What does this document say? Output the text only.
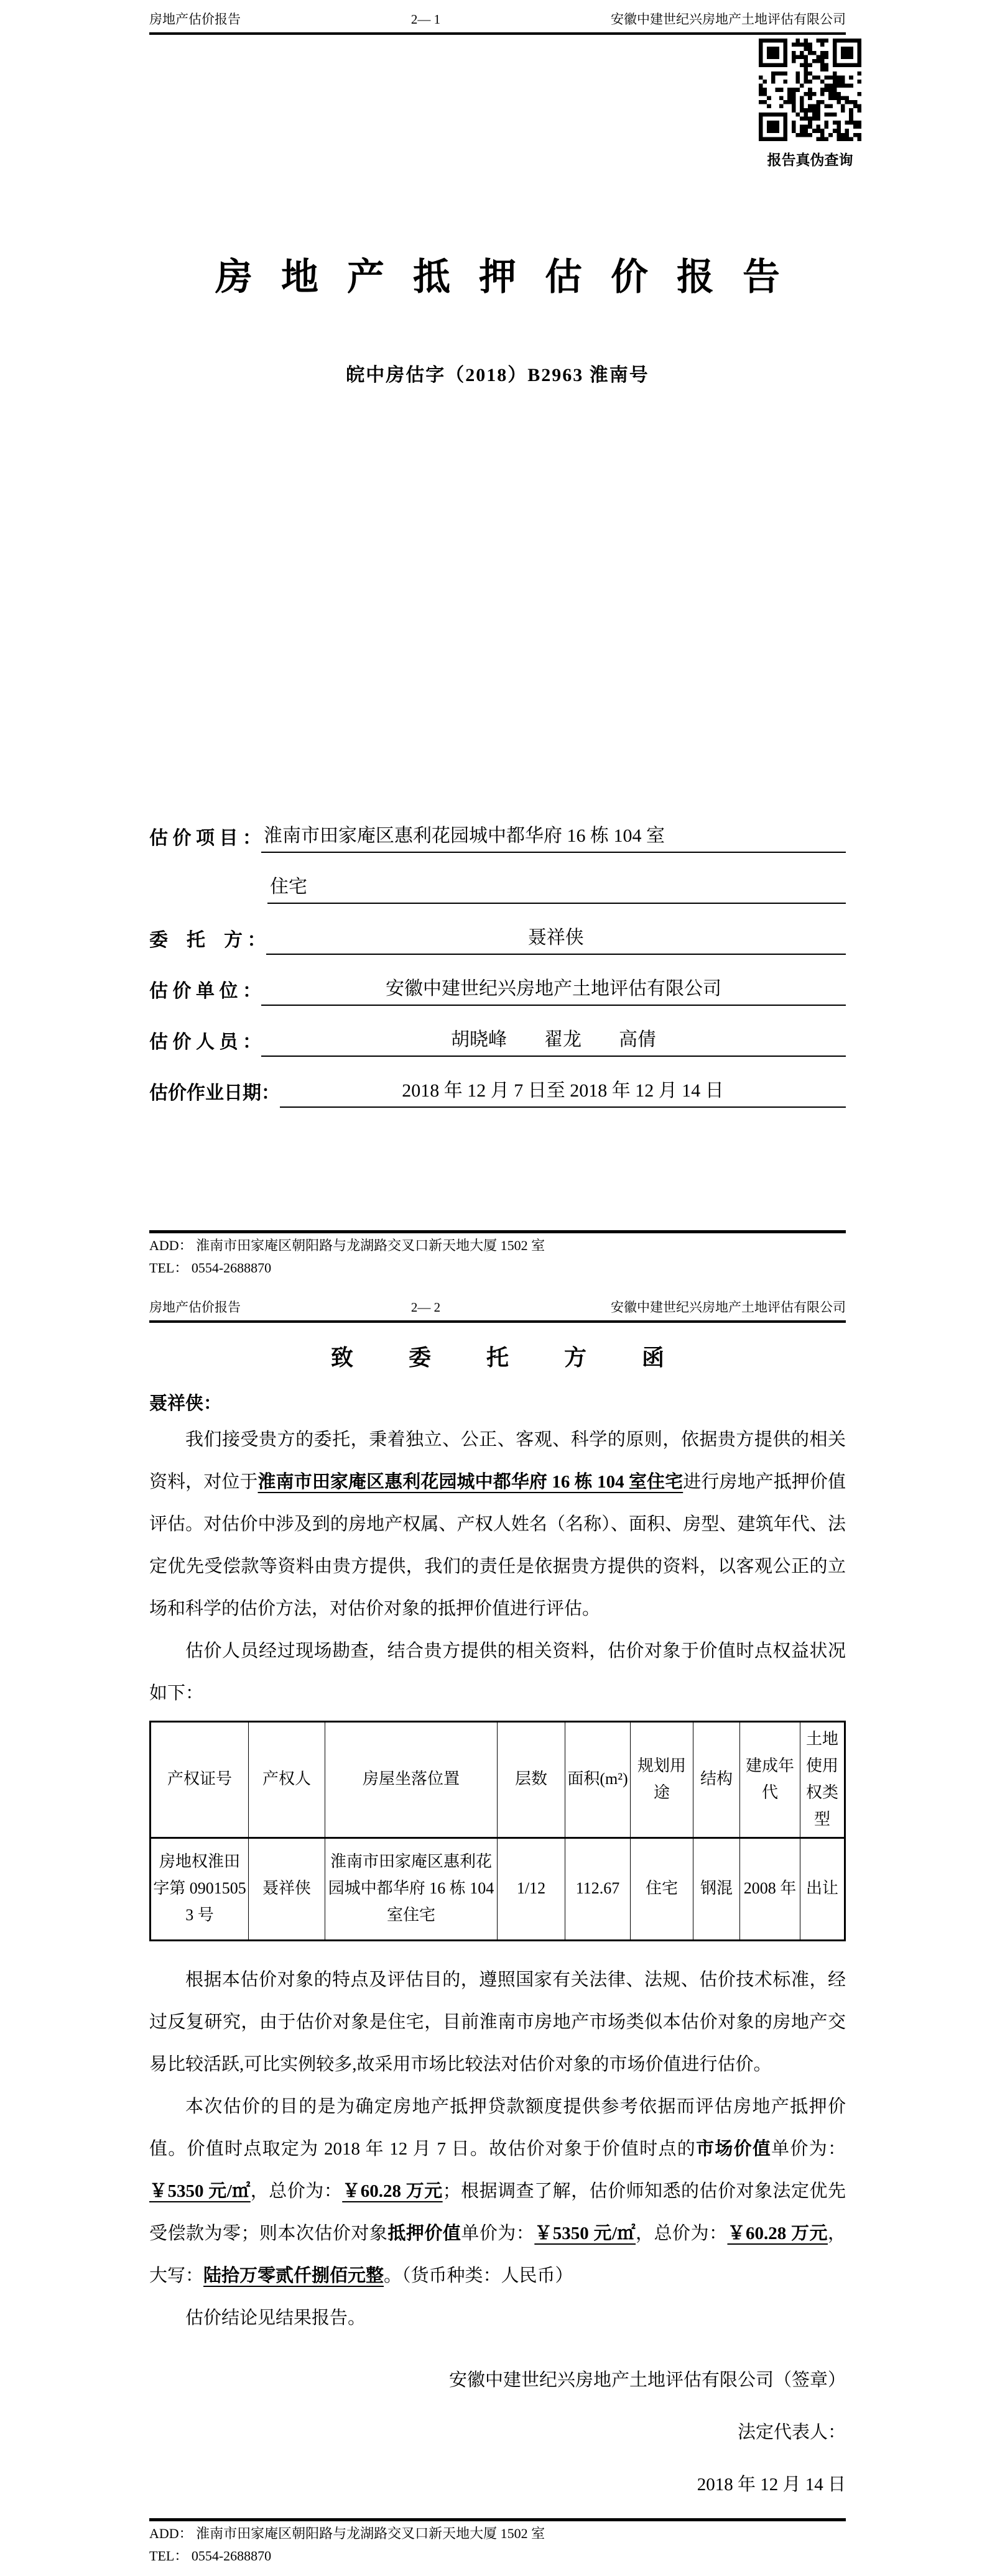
房地产估价报告	2— 1	安徽中建世纪兴房地产土地评估有限公司
报告真伪查询
房地产抵押估价报告
皖中房估字（2018）B2963 淮南号
估 价 项 目 ： 淮南市田家庵区惠利花园城中都华府 16 栋 104 室
住宅
委　托　方 ：	聂祥侠
估 价 单 位 ：	安徽中建世纪兴房地产土地评估有限公司
估 价 人 员 ：	胡晓峰　　翟龙　　高倩
估价作业日期：	2018 年 12 月 7 日至 2018 年 12 月 14 日
ADD： 淮南市田家庵区朝阳路与龙湖路交叉口新天地大厦 1502 室
TEL： 0554-2688870
房地产估价报告	2— 2	安徽中建世纪兴房地产土地评估有限公司
致 委 托 方 函
聂祥侠：

我们接受贵方的委托，秉着独立、公正、客观、科学的原则，依据贵方提供的相关资料，对位于淮南市田家庵区惠利花园城中都华府 16 栋 104 室住宅进行房地产抵押价值评估。对估价中涉及到的房地产权属、产权人姓名（名称）、面积、房型、建筑年代、法定优先受偿款等资料由贵方提供，我们的责任是依据贵方提供的资料，以客观公正的立场和科学的估价方法，对估价对象的抵押价值进行评估。

估价人员经过现场勘查，结合贵方提供的相关资料，估价对象于价值时点权益状况如下：

产权证号	产权人	房屋坐落位置	层数	面积(m²)	规划用途	结构	建成年代	土地使用权类型
房地权淮田字第 09015053 号	聂祥侠	淮南市田家庵区惠利花园城中都华府 16 栋 104 室住宅	1/12	112.67	住宅	钢混	2008 年	出让

根据本估价对象的特点及评估目的，遵照国家有关法律、法规、估价技术标准，经过反复研究，由于估价对象是住宅，目前淮南市房地产市场类似本估价对象的房地产交易比较活跃,可比实例较多,故采用市场比较法对估价对象的市场价值进行估价。

本次估价的目的是为确定房地产抵押贷款额度提供参考依据而评估房地产抵押价值。价值时点取定为 2018 年 12 月 7 日。故估价对象于价值时点的市场价值单价为：￥5350 元/㎡，总价为：￥60.28 万元；根据调查了解，估价师知悉的估价对象法定优先受偿款为零；则本次估价对象抵押价值单价为：￥5350 元/㎡，总价为：￥60.28 万元，大写：陆拾万零贰仟捌佰元整。（货币种类：人民币）

估价结论见结果报告。

安徽中建世纪兴房地产土地评估有限公司（签章）
法定代表人：
2018 年 12 月 14 日
ADD： 淮南市田家庵区朝阳路与龙湖路交叉口新天地大厦 1502 室
TEL： 0554-2688870
